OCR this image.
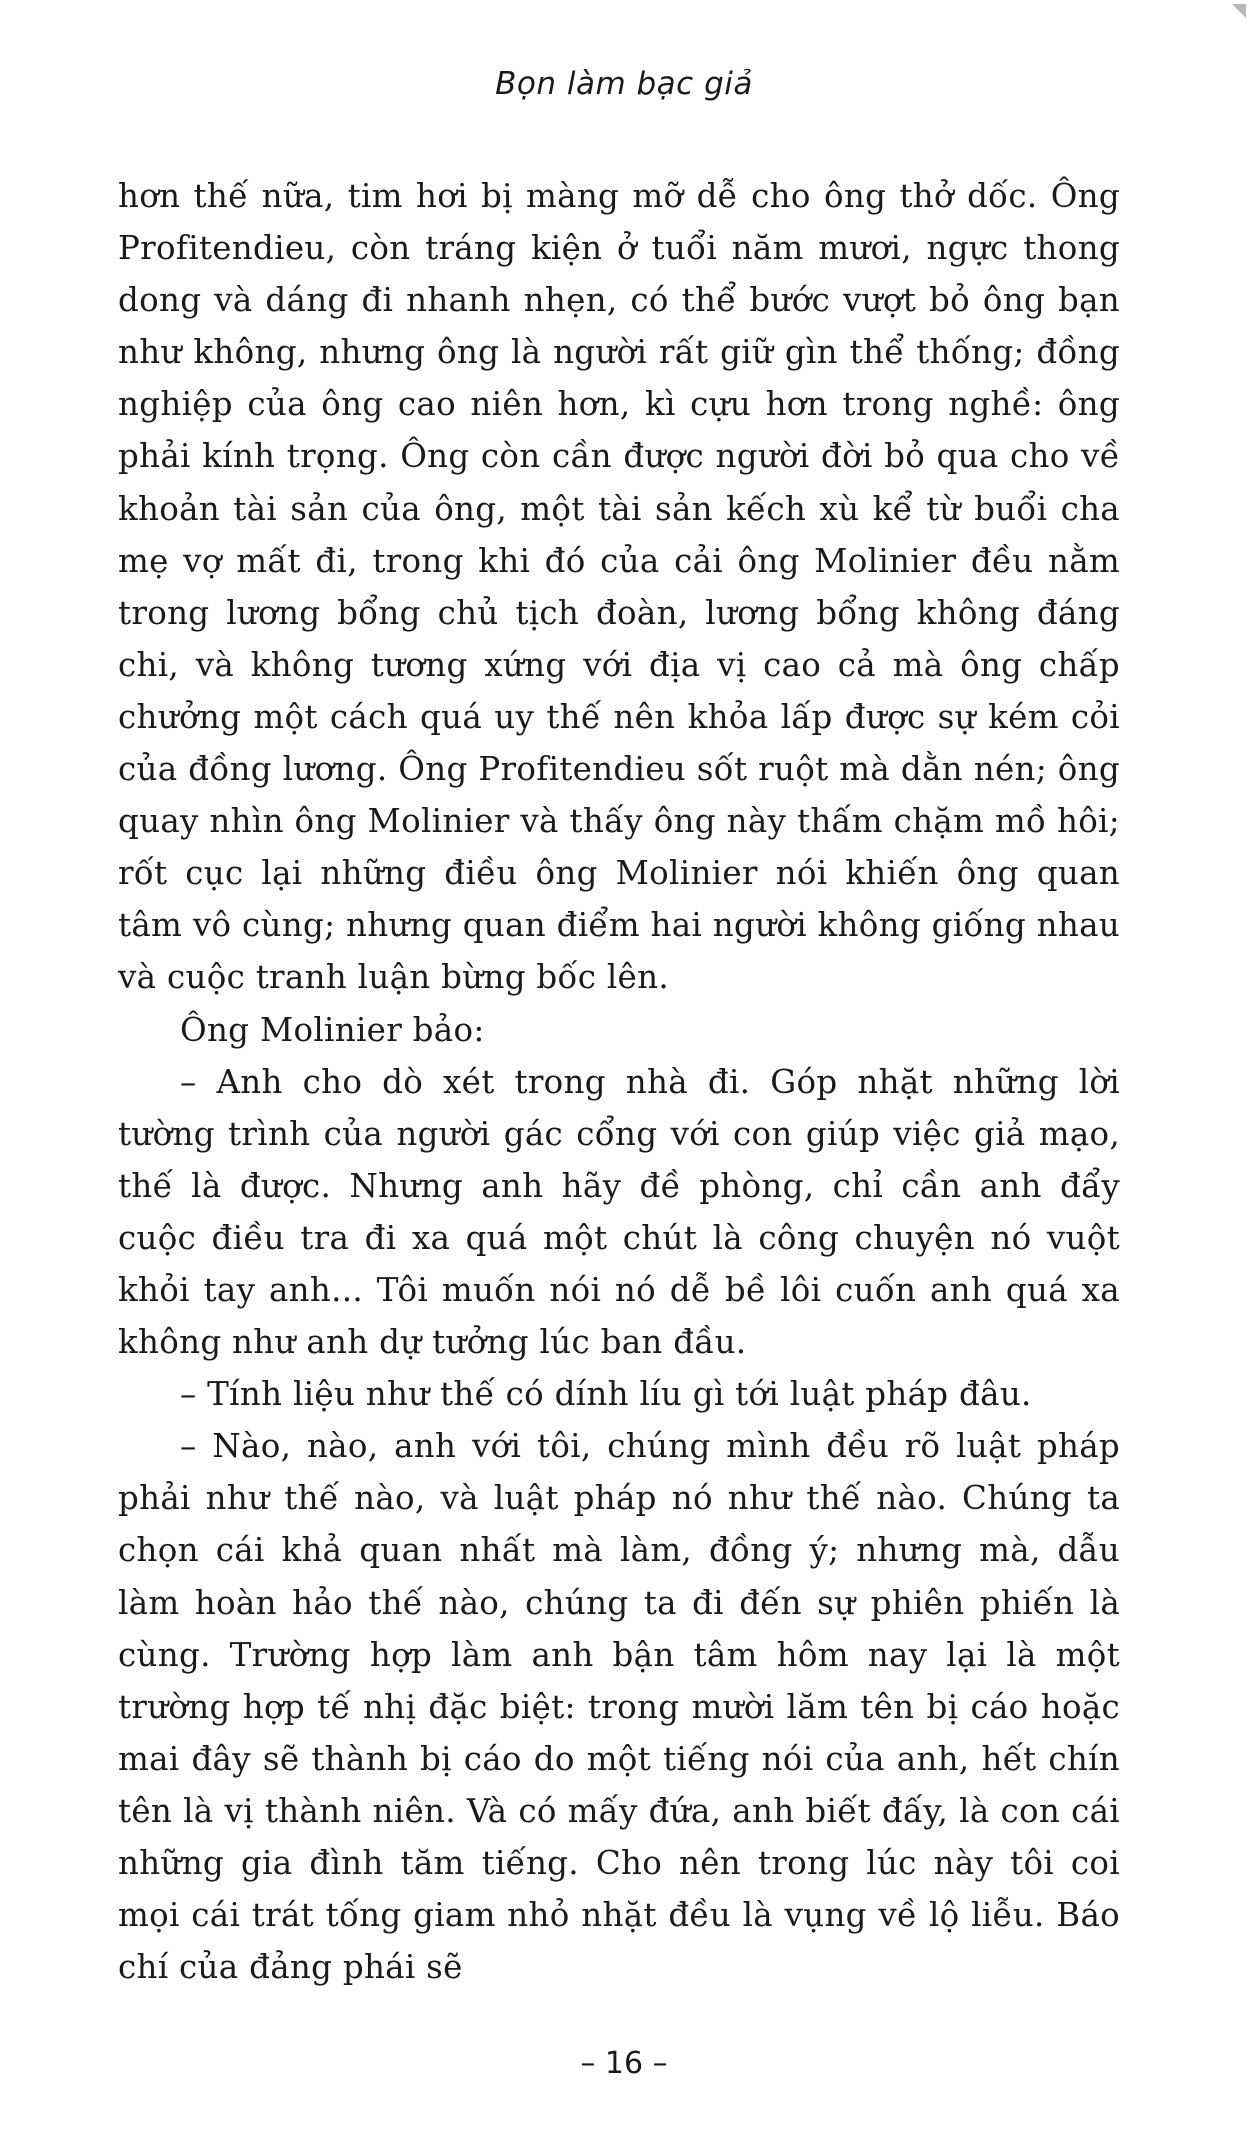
Bọn làm bạc giả

hơn thế nữa, tim hơi bị màng mỡ dễ cho ông thở dốc. Ông Profitendieu, còn tráng kiện ở tuổi năm mươi, ngực thong dong và dáng đi nhanh nhẹn, có thể bước vượt bỏ ông bạn như không, nhưng ông là người rất giữ gìn thể thống; đồng nghiệp của ông cao niên hơn, kì cựu hơn trong nghề: ông phải kính trọng. Ông còn cần được người đời bỏ qua cho về khoản tài sản của ông, một tài sản kếch xù kể từ buổi cha mẹ vợ mất đi, trong khi đó của cải ông Molinier đều nằm trong lương bổng chủ tịch đoàn, lương bổng không đáng chi, và không tương xứng với địa vị cao cả mà ông chấp chưởng một cách quá uy thế nên khỏa lấp được sự kém cỏi của đồng lương. Ông Profitendieu sốt ruột mà dằn nén; ông quay nhìn ông Molinier và thấy ông này thấm chặm mồ hôi; rốt cục lại những điều ông Molinier nói khiến ông quan tâm vô cùng; nhưng quan điểm hai người không giống nhau và cuộc tranh luận bừng bốc lên.

Ông Molinier bảo:

– Anh cho dò xét trong nhà đi. Góp nhặt những lời tường trình của người gác cổng với con giúp việc giả mạo, thế là được. Nhưng anh hãy đề phòng, chỉ cần anh đẩy cuộc điều tra đi xa quá một chút là công chuyện nó vuột khỏi tay anh... Tôi muốn nói nó dễ bề lôi cuốn anh quá xa không như anh dự tưởng lúc ban đầu.

– Tính liệu như thế có dính líu gì tới luật pháp đâu.

– Nào, nào, anh với tôi, chúng mình đều rõ luật pháp phải như thế nào, và luật pháp nó như thế nào. Chúng ta chọn cái khả quan nhất mà làm, đồng ý; nhưng mà, dẫu làm hoàn hảo thế nào, chúng ta đi đến sự phiên phiến là cùng. Trường hợp làm anh bận tâm hôm nay lại là một trường hợp tế nhị đặc biệt: trong mười lăm tên bị cáo hoặc mai đây sẽ thành bị cáo do một tiếng nói của anh, hết chín tên là vị thành niên. Và có mấy đứa, anh biết đấy, là con cái những gia đình tăm tiếng. Cho nên trong lúc này tôi coi mọi cái trát tống giam nhỏ nhặt đều là vụng về lộ liễu. Báo chí của đảng phái sẽ

– 16 –
